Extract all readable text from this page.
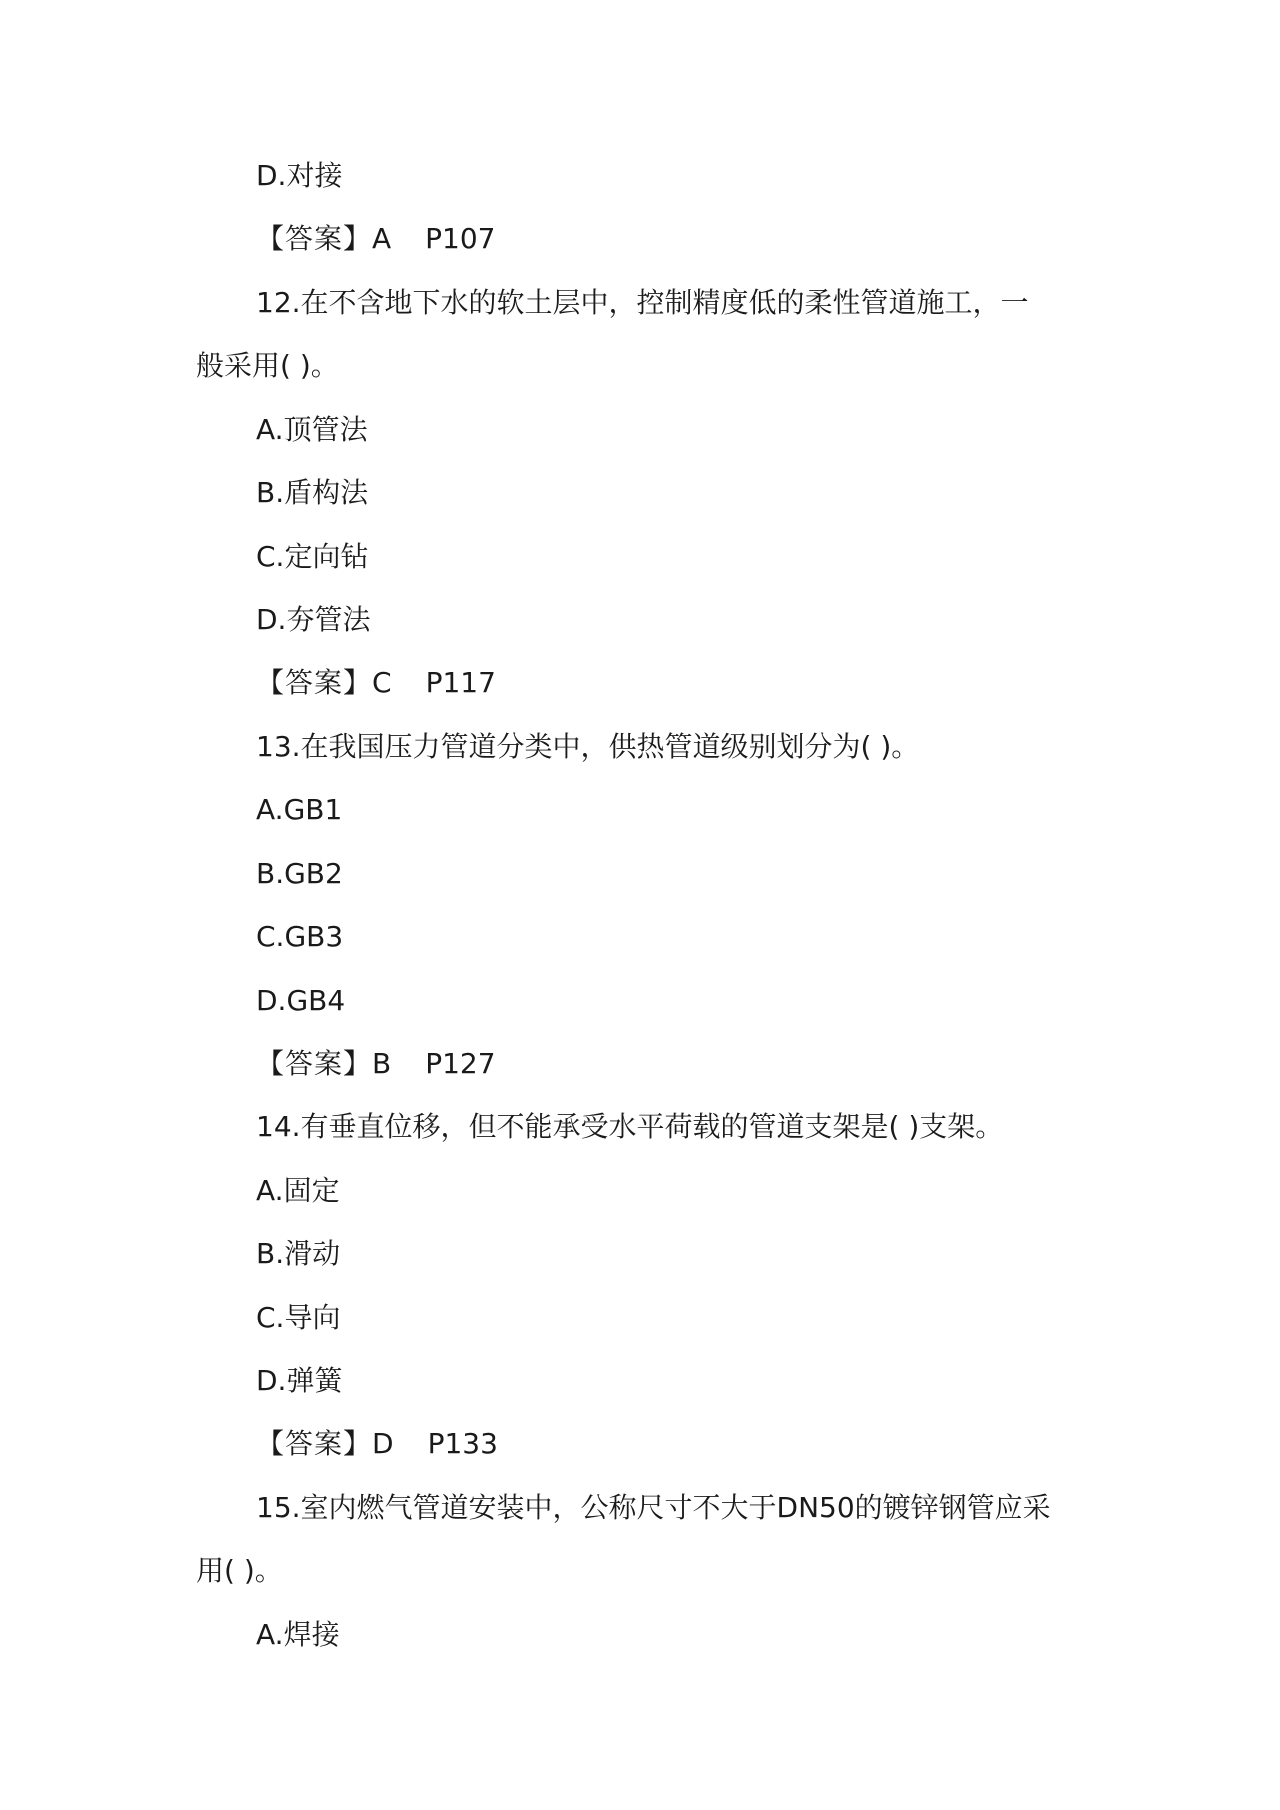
D.对接
【答案】A P107
12.在不含地下水的软土层中，控制精度低的柔性管道施工，一
般采用( )。
A.顶管法
B.盾构法
C.定向钻
D.夯管法
【答案】C P117
13.在我国压力管道分类中，供热管道级别划分为( )。
A.GB1
B.GB2
C.GB3
D.GB4
【答案】B P127
14.有垂直位移，但不能承受水平荷载的管道支架是( )支架。
A.固定
B.滑动
C.导向
D.弹簧
【答案】D P133
15.室内燃气管道安装中，公称尺寸不大于DN50的镀锌钢管应采
用( )。
A.焊接
